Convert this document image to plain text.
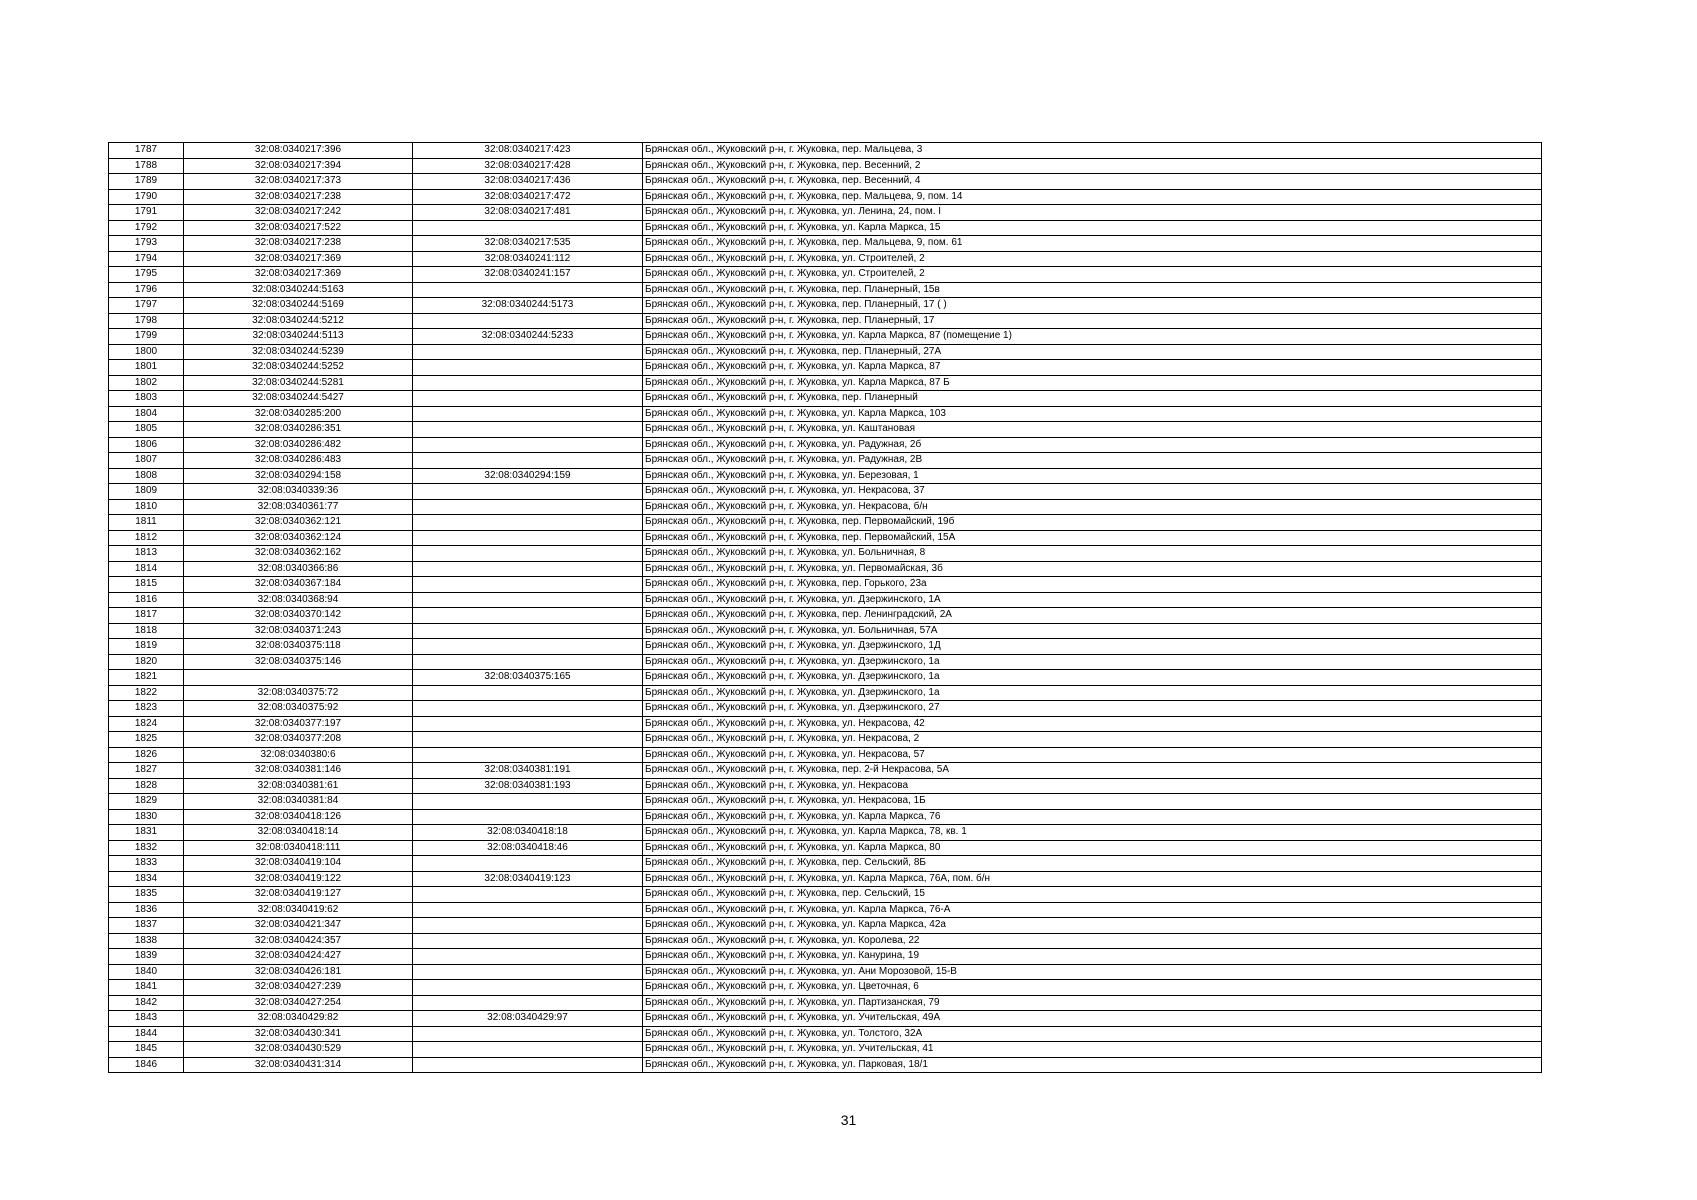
1787	32:08:0340217:396	32:08:0340217:423	Брянская обл., Жуковский р-н, г. Жуковка, пер. Мальцева, 3
1788	32:08:0340217:394	32:08:0340217:428	Брянская обл., Жуковский р-н, г. Жуковка, пер. Весенний, 2
1789	32:08:0340217:373	32:08:0340217:436	Брянская обл., Жуковский р-н, г. Жуковка, пер. Весенний, 4
1790	32:08:0340217:238	32:08:0340217:472	Брянская обл., Жуковский р-н, г. Жуковка, пер. Мальцева, 9, пом. 14
1791	32:08:0340217:242	32:08:0340217:481	Брянская обл., Жуковский р-н, г. Жуковка, ул. Ленина, 24, пом. I
1792	32:08:0340217:522		Брянская обл., Жуковский р-н, г. Жуковка, ул. Карла Маркса, 15
1793	32:08:0340217:238	32:08:0340217:535	Брянская обл., Жуковский р-н, г. Жуковка, пер. Мальцева, 9, пом. 61
1794	32:08:0340217:369	32:08:0340241:112	Брянская обл., Жуковский р-н, г. Жуковка, ул. Строителей, 2
1795	32:08:0340217:369	32:08:0340241:157	Брянская обл., Жуковский р-н, г. Жуковка, ул. Строителей, 2
1796	32:08:0340244:5163		Брянская обл., Жуковский р-н, г. Жуковка, пер. Планерный, 15в
1797	32:08:0340244:5169	32:08:0340244:5173	Брянская обл., Жуковский р-н, г. Жуковка, пер. Планерный, 17 ( )
1798	32:08:0340244:5212		Брянская обл., Жуковский р-н, г. Жуковка, пер. Планерный, 17
1799	32:08:0340244:5113	32:08:0340244:5233	Брянская обл., Жуковский р-н, г. Жуковка, ул. Карла Маркса, 87 (помещение 1)
1800	32:08:0340244:5239		Брянская обл., Жуковский р-н, г. Жуковка, пер. Планерный, 27А
1801	32:08:0340244:5252		Брянская обл., Жуковский р-н, г. Жуковка, ул. Карла Маркса, 87
1802	32:08:0340244:5281		Брянская обл., Жуковский р-н, г. Жуковка, ул. Карла Маркса, 87 Б
1803	32:08:0340244:5427		Брянская обл., Жуковский р-н, г. Жуковка, пер. Планерный
1804	32:08:0340285:200		Брянская обл., Жуковский р-н, г. Жуковка, ул. Карла Маркса, 103
1805	32:08:0340286:351		Брянская обл., Жуковский р-н, г. Жуковка, ул. Каштановая
1806	32:08:0340286:482		Брянская обл., Жуковский р-н, г. Жуковка, ул. Радужная, 2б
1807	32:08:0340286:483		Брянская обл., Жуковский р-н, г. Жуковка, ул. Радужная, 2В
1808	32:08:0340294:158	32:08:0340294:159	Брянская обл., Жуковский р-н, г. Жуковка, ул. Березовая, 1
1809	32:08:0340339:36		Брянская обл., Жуковский р-н, г. Жуковка, ул. Некрасова, 37
1810	32:08:0340361:77		Брянская обл., Жуковский р-н, г. Жуковка, ул. Некрасова, б/н
1811	32:08:0340362:121		Брянская обл., Жуковский р-н, г. Жуковка, пер. Первомайский, 19б
1812	32:08:0340362:124		Брянская обл., Жуковский р-н, г. Жуковка, пер. Первомайский, 15А
1813	32:08:0340362:162		Брянская обл., Жуковский р-н, г. Жуковка, ул. Больничная, 8
1814	32:08:0340366:86		Брянская обл., Жуковский р-н, г. Жуковка, ул. Первомайская, 3б
1815	32:08:0340367:184		Брянская обл., Жуковский р-н, г. Жуковка, пер. Горького, 23а
1816	32:08:0340368:94		Брянская обл., Жуковский р-н, г. Жуковка, ул. Дзержинского, 1А
1817	32:08:0340370:142		Брянская обл., Жуковский р-н, г. Жуковка, пер. Ленинградский, 2А
1818	32:08:0340371:243		Брянская обл., Жуковский р-н, г. Жуковка, ул. Больничная, 57А
1819	32:08:0340375:118		Брянская обл., Жуковский р-н, г. Жуковка, ул. Дзержинского, 1Д
1820	32:08:0340375:146		Брянская обл., Жуковский р-н, г. Жуковка, ул. Дзержинского, 1а
1821		32:08:0340375:165	Брянская обл., Жуковский р-н, г. Жуковка, ул. Дзержинского, 1а
1822	32:08:0340375:72		Брянская обл., Жуковский р-н, г. Жуковка, ул. Дзержинского, 1а
1823	32:08:0340375:92		Брянская обл., Жуковский р-н, г. Жуковка, ул. Дзержинского, 27
1824	32:08:0340377:197		Брянская обл., Жуковский р-н, г. Жуковка, ул. Некрасова, 42
1825	32:08:0340377:208		Брянская обл., Жуковский р-н, г. Жуковка, ул. Некрасова, 2
1826	32:08:0340380:6		Брянская обл., Жуковский р-н, г. Жуковка, ул. Некрасова, 57
1827	32:08:0340381:146	32:08:0340381:191	Брянская обл., Жуковский р-н, г. Жуковка, пер. 2-й Некрасова, 5А
1828	32:08:0340381:61	32:08:0340381:193	Брянская обл., Жуковский р-н, г. Жуковка, ул. Некрасова
1829	32:08:0340381:84		Брянская обл., Жуковский р-н, г. Жуковка, ул. Некрасова, 1Б
1830	32:08:0340418:126		Брянская обл., Жуковский р-н, г. Жуковка, ул. Карла Маркса, 76
1831	32:08:0340418:14	32:08:0340418:18	Брянская обл., Жуковский р-н, г. Жуковка, ул. Карла Маркса, 78, кв. 1
1832	32:08:0340418:111	32:08:0340418:46	Брянская обл., Жуковский р-н, г. Жуковка, ул. Карла Маркса, 80
1833	32:08:0340419:104		Брянская обл., Жуковский р-н, г. Жуковка, пер. Сельский, 8Б
1834	32:08:0340419:122	32:08:0340419:123	Брянская обл., Жуковский р-н, г. Жуковка, ул. Карла Маркса, 76А, пом. б/н
1835	32:08:0340419:127		Брянская обл., Жуковский р-н, г. Жуковка, пер. Сельский, 15
1836	32:08:0340419:62		Брянская обл., Жуковский р-н, г. Жуковка, ул. Карла Маркса, 76-А
1837	32:08:0340421:347		Брянская обл., Жуковский р-н, г. Жуковка, ул. Карла Маркса, 42а
1838	32:08:0340424:357		Брянская обл., Жуковский р-н, г. Жуковка, ул. Королева, 22
1839	32:08:0340424:427		Брянская обл., Жуковский р-н, г. Жуковка, ул. Канурина, 19
1840	32:08:0340426:181		Брянская обл., Жуковский р-н, г. Жуковка, ул. Ани Морозовой, 15-В
1841	32:08:0340427:239		Брянская обл., Жуковский р-н, г. Жуковка, ул. Цветочная, 6
1842	32:08:0340427:254		Брянская обл., Жуковский р-н, г. Жуковка, ул. Партизанская, 79
1843	32:08:0340429:82	32:08:0340429:97	Брянская обл., Жуковский р-н, г. Жуковка, ул. Учительская, 49А
1844	32:08:0340430:341		Брянская обл., Жуковский р-н, г. Жуковка, ул. Толстого, 32А
1845	32:08:0340430:529		Брянская обл., Жуковский р-н, г. Жуковка, ул. Учительская, 41
1846	32:08:0340431:314		Брянская обл., Жуковский р-н, г. Жуковка, ул. Парковая, 18/1
31
